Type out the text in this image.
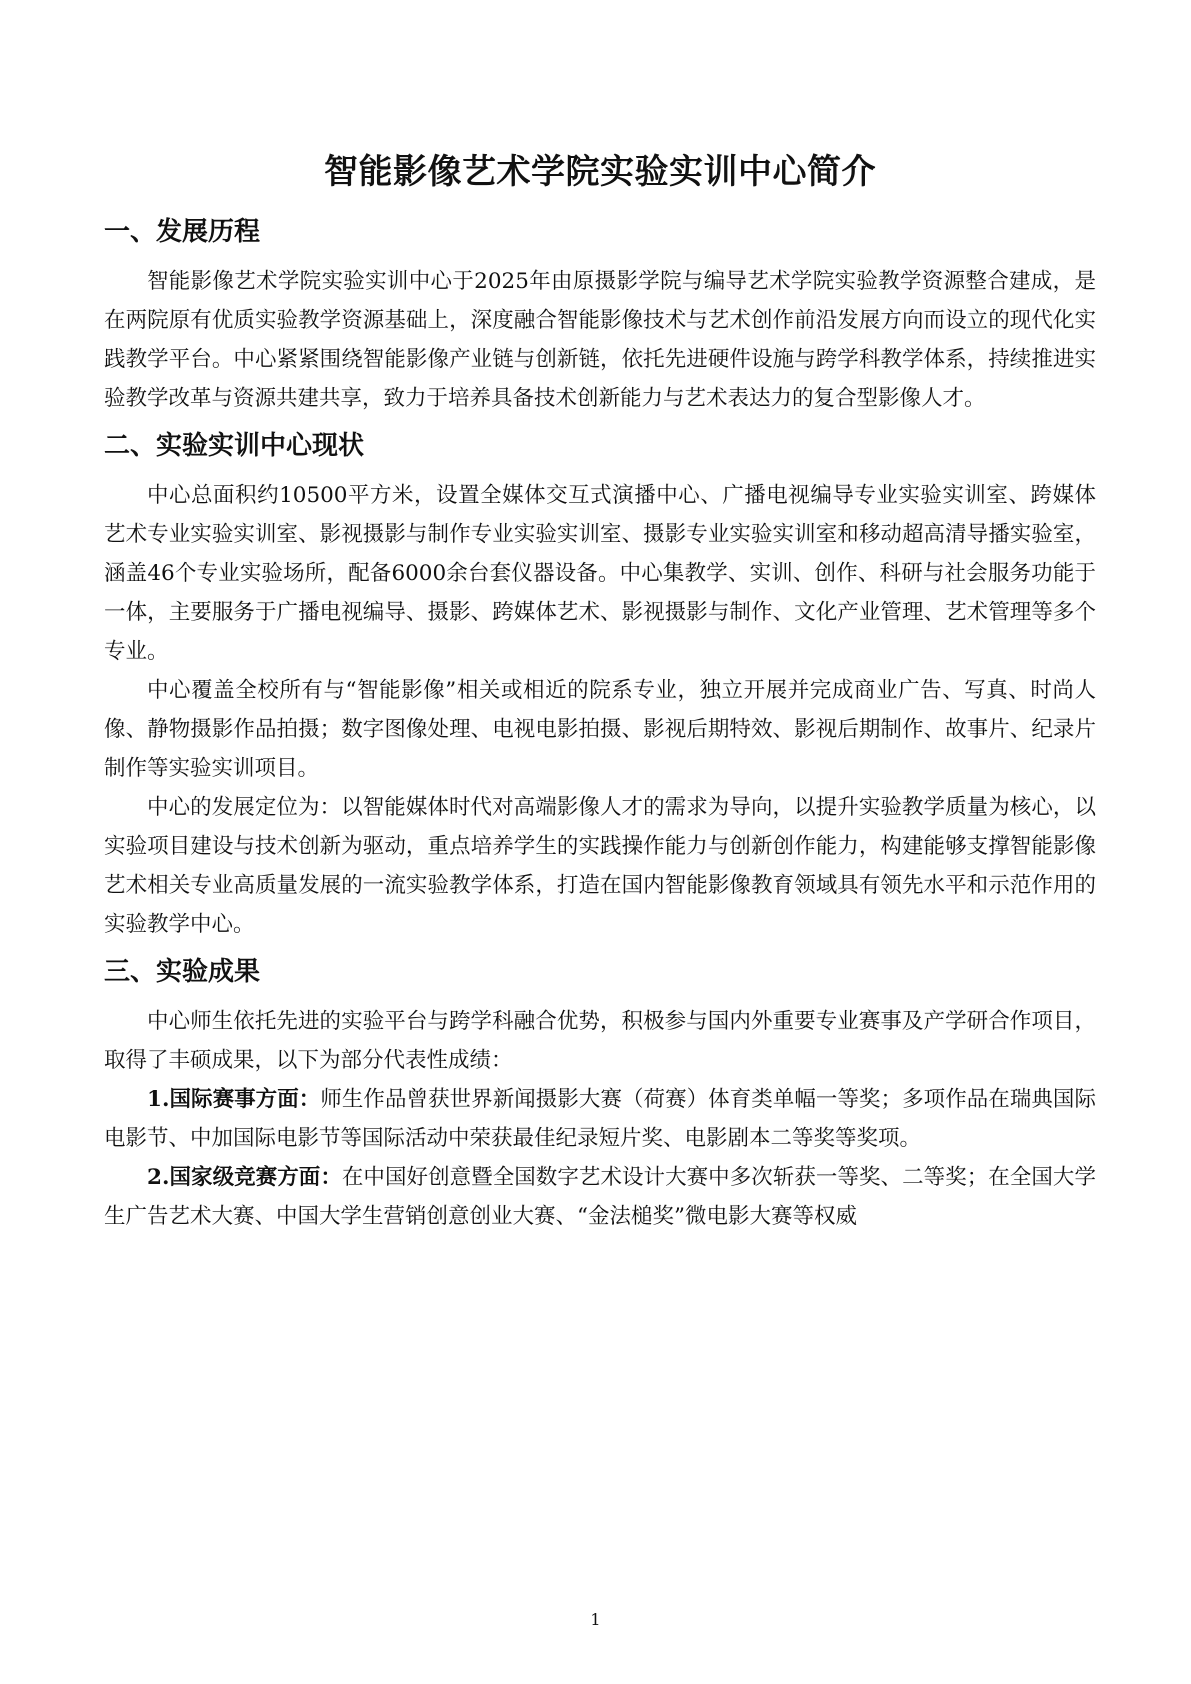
智能影像艺术学院实验实训中心简介
一、发展历程

智能影像艺术学院实验实训中心于2025年由原摄影学院与编导艺术学院实验教学资源整合建成，是在两院原有优质实验教学资源基础上，深度融合智能影像技术与艺术创作前沿发展方向而设立的现代化实践教学平台。中心紧紧围绕智能影像产业链与创新链，依托先进硬件设施与跨学科教学体系，持续推进实验教学改革与资源共建共享，致力于培养具备技术创新能力与艺术表达力的复合型影像人才。

二、实验实训中心现状

中心总面积约10500平方米，设置全媒体交互式演播中心、广播电视编导专业实验实训室、跨媒体艺术专业实验实训室、影视摄影与制作专业实验实训室、摄影专业实验实训室和移动超高清导播实验室，涵盖46个专业实验场所，配备6000余台套仪器设备。中心集教学、实训、创作、科研与社会服务功能于一体，主要服务于广播电视编导、摄影、跨媒体艺术、影视摄影与制作、文化产业管理、艺术管理等多个专业。

中心覆盖全校所有与“智能影像”相关或相近的院系专业，独立开展并完成商业广告、写真、时尚人像、静物摄影作品拍摄；数字图像处理、电视电影拍摄、影视后期特效、影视后期制作、故事片、纪录片制作等实验实训项目。

中心的发展定位为：以智能媒体时代对高端影像人才的需求为导向，以提升实验教学质量为核心，以实验项目建设与技术创新为驱动，重点培养学生的实践操作能力与创新创作能力，构建能够支撑智能影像艺术相关专业高质量发展的一流实验教学体系，打造在国内智能影像教育领域具有领先水平和示范作用的实验教学中心。

三、实验成果

中心师生依托先进的实验平台与跨学科融合优势，积极参与国内外重要专业赛事及产学研合作项目，取得了丰硕成果，以下为部分代表性成绩：

1.国际赛事方面：师生作品曾获世界新闻摄影大赛（荷赛）体育类单幅一等奖；多项作品在瑞典国际电影节、中加国际电影节等国际活动中荣获最佳纪录短片奖、电影剧本二等奖等奖项。

2.国家级竞赛方面：在中国好创意暨全国数字艺术设计大赛中多次斩获一等奖、二等奖；在全国大学生广告艺术大赛、中国大学生营销创意创业大赛、“金法槌奖”微电影大赛等权威

1
